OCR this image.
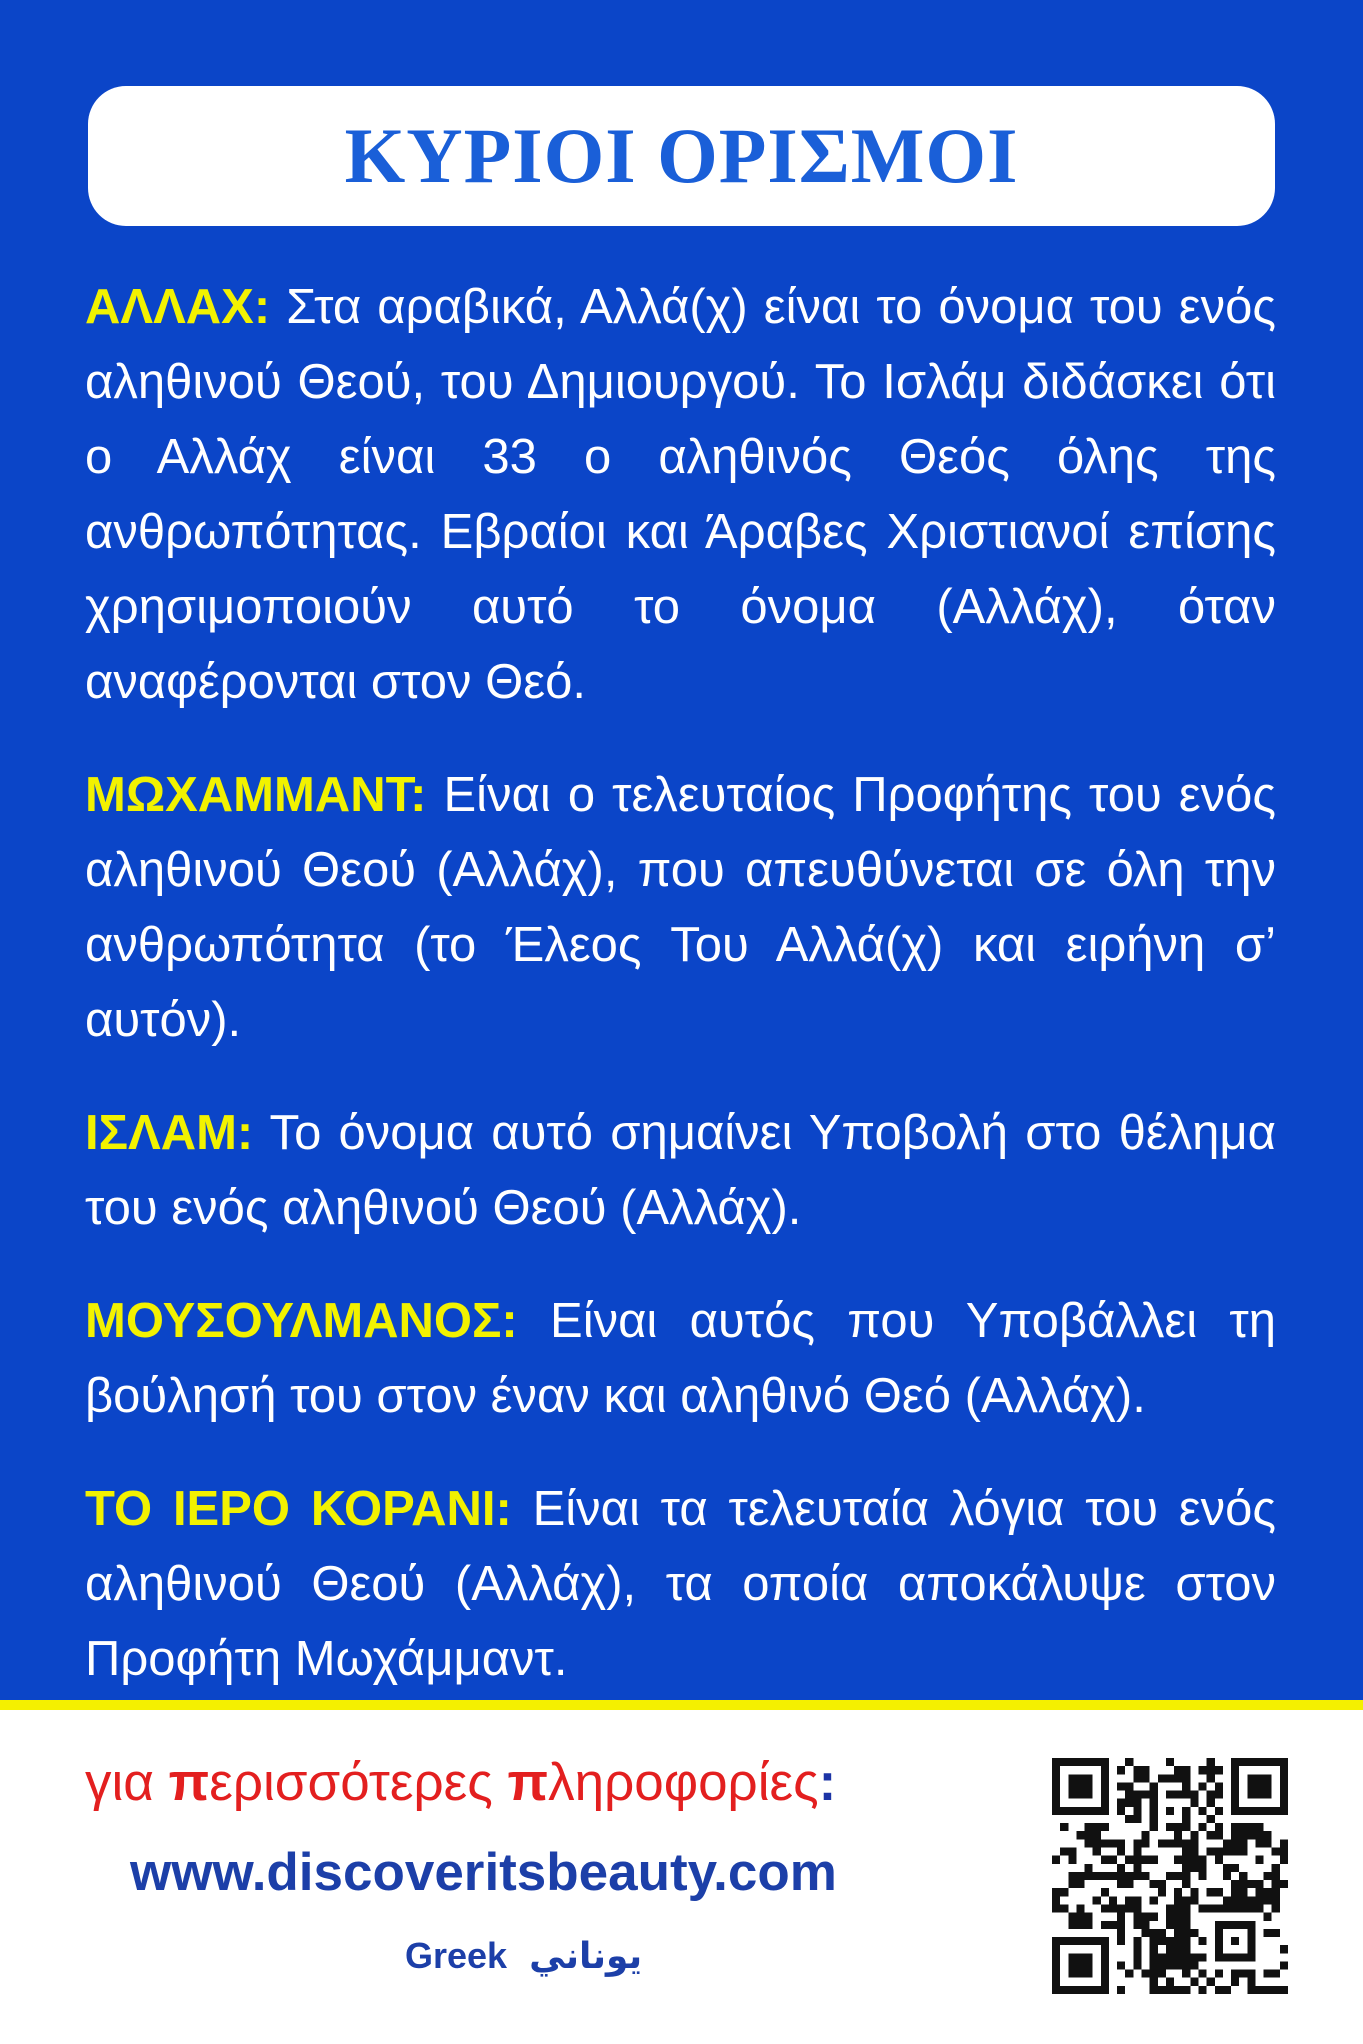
ΚΥΡΙΟΙ ΟΡΙΣΜΟΙ

ΑΛΛΑΧ: Στα αραβικά, Αλλά(χ) είναι το όνομα του ενός αληθινού Θεού, του Δημιουργού. Το Ισλάμ διδάσκει ότι ο Αλλάχ είναι 33 ο αληθινός Θεός όλης της ανθρωπότητας. Εβραίοι και Άραβες Χριστιανοί επίσης χρησιμοποιούν αυτό το όνομα (Αλλάχ), όταν αναφέρονται στον Θεό.

ΜΩΧΑΜΜΑΝΤ: Είναι ο τελευταίος Προφήτης του ενός αληθινού Θεού (Αλλάχ), που απευθύνεται σε όλη την ανθρωπότητα (το Έλεος Του Αλλά(χ) και ειρήνη σ’ αυτόν).

ΙΣΛΑΜ: Το όνομα αυτό σημαίνει Υποβολή στο θέλημα του ενός αληθινού Θεού (Αλλάχ).

ΜΟΥΣΟΥΛΜΑΝΟΣ: Είναι αυτός που Υποβάλλει τη βούλησή του στον έναν και αληθινό Θεό (Αλλάχ).

ΤΟ ΙΕΡΟ ΚΟΡΑΝΙ: Είναι τα τελευταία λόγια του ενός αληθινού Θεού (Αλλάχ), τα οποία αποκάλυψε στον Προφήτη Μωχάμμαντ.

για περισσότερες πληροφορίες:
www.discoveritsbeauty.com
Greek يوناني
